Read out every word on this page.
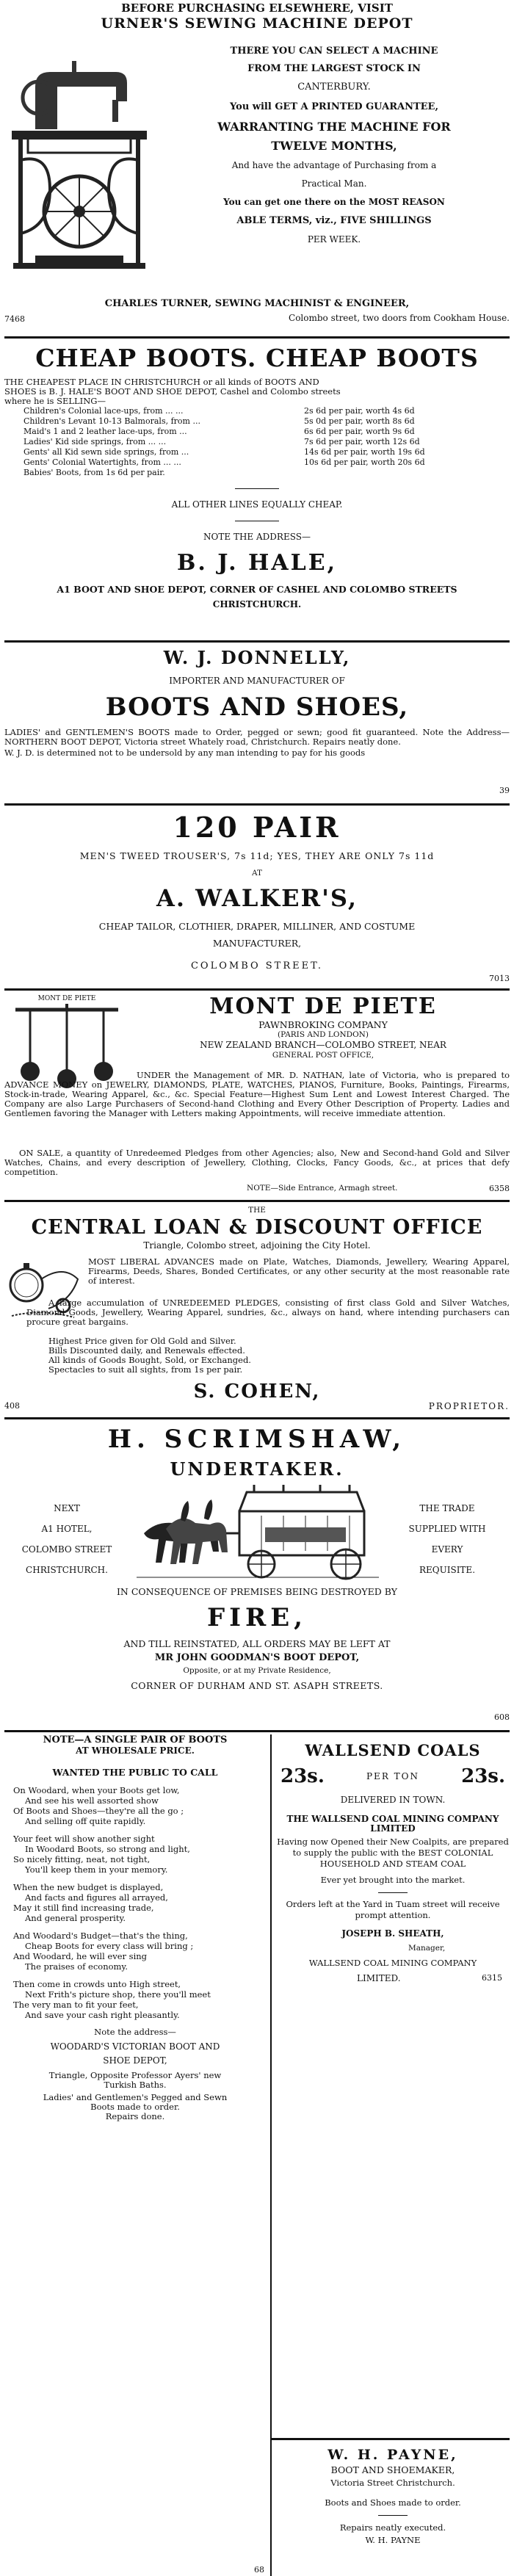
BEFORE PURCHASING ELSEWHERE, VISIT
URNER'S SEWING MACHINE DEPOT
THERE YOU CAN SELECT A MACHINE
FROM THE LARGEST STOCK IN
CANTERBURY.
You will GET A PRINTED GUARANTEE,
WARRANTING THE MACHINE FOR
TWELVE MONTHS,
And have the advantage of Purchasing from a
Practical Man.
You can get one there on the MOST REASON
ABLE TERMS, viz., FIVE SHILLINGS
PER WEEK.
CHARLES TURNER, SEWING MACHINIST & ENGINEER,
7468	Colombo street, two doors from Cookham House.
CHEAP BOOTS. CHEAP BOOTS
THE CHEAPEST PLACE IN CHRISTCHURCH or all kinds of BOOTS AND
SHOES is B. J. HALE'S BOOT AND SHOE DEPOT, Cashel and Colombo streets
where he is SELLING—
Children's Colonial lace-ups, from ... ...	2s 6d per pair, worth 4s 6d
Children's Levant 10-13 Balmorals, from ...	5s 0d per pair, worth 8s 6d
Maid's 1 and 2 leather lace-ups, from ...	6s 6d per pair, worth 9s 6d
Ladies' Kid side springs, from ... ...	7s 6d per pair, worth 12s 6d
Gents' all Kid sewn side springs, from ...	14s 6d per pair, worth 19s 6d
Gents' Colonial Watertights, from ... ...	10s 6d per pair, worth 20s 6d
Babies' Boots, from 1s 6d per pair.
ALL OTHER LINES EQUALLY CHEAP.
NOTE THE ADDRESS—
B. J. HALE,
A1 BOOT AND SHOE DEPOT, CORNER OF CASHEL AND COLOMBO STREETS
CHRISTCHURCH.
W. J. DONNELLY,
IMPORTER AND MANUFACTURER OF
BOOTS AND SHOES,
LADIES' and GENTLEMEN'S BOOTS made to Order, pegged or sewn; good fit guaranteed. Note the Address—NORTHERN BOOT DEPOT, Victoria street Whately road, Christchurch. Repairs neatly done.
W. J. D. is determined not to be undersold by any man intending to pay for his goods
39
120 PAIR
MEN'S TWEED TROUSER'S, 7s 11d; YES, THEY ARE ONLY 7s 11d
AT
A. WALKER'S,
CHEAP TAILOR, CLOTHIER, DRAPER, MILLINER, AND COSTUME
MANUFACTURER,
COLOMBO STREET.
7013
MONT DE PIETE	MONT DE PIETE
PAWNBROKING COMPANY
(PARIS AND LONDON)
NEW ZEALAND BRANCH—COLOMBO STREET, NEAR
GENERAL POST OFFICE,
UNDER the Management of MR. D. NATHAN, late of Victoria, who is prepared to ADVANCE MONEY on JEWELRY, DIAMONDS, PLATE, WATCHES, PIANOS, Furniture, Books, Paintings, Firearms, Stock-in-trade, Wearing Apparel, &c., &c. Special Feature—Highest Sum Lent and Lowest Interest Charged. The Company are also Large Purchasers of Second-hand Clothing and Every Other Description of Property. Ladies and Gentlemen favoring the Manager with Letters making Appointments, will receive immediate attention.
ON SALE, a quantity of Unredeemed Pledges from other Agencies; also, New and Second-hand Gold and Silver Watches, Chains, and every description of Jewellery, Clothing, Clocks, Fancy Goods, &c., at prices that defy competition.
NOTE—Side Entrance, Armagh street.	6358
THE
CENTRAL LOAN & DISCOUNT OFFICE
Triangle, Colombo street, adjoining the City Hotel.
MOST LIBERAL ADVANCES made on Plate, Watches, Diamonds, Jewellery, Wearing Apparel, Firearms, Deeds, Shares, Bonded Certificates, or any other security at the most reasonable rate of interest.
A large accumulation of UNREDEEMED PLEDGES, consisting of first class Gold and Silver Watches, Diamond Goods, Jewellery, Wearing Apparel, sundries, &c., always on hand, where intending purchasers can procure great bargains.
Highest Price given for Old Gold and Silver.
Bills Discounted daily, and Renewals effected.
All kinds of Goods Bought, Sold, or Exchanged.
Spectacles to suit all sights, from 1s per pair.
S. COHEN,
408	PROPRIETOR.
H. SCRIMSHAW,
UNDERTAKER.
NEXT
A1 HOTEL,
COLOMBO STREET
CHRISTCHURCH.
THE TRADE
SUPPLIED WITH
EVERY
REQUISITE.
IN CONSEQUENCE OF PREMISES BEING DESTROYED BY
FIRE,
AND TILL REINSTATED, ALL ORDERS MAY BE LEFT AT
MR JOHN GOODMAN'S BOOT DEPOT,
Opposite, or at my Private Residence,
CORNER OF DURHAM AND ST. ASAPH STREETS.
608
NOTE—A SINGLE PAIR OF BOOTS
AT WHOLESALE PRICE.
WANTED THE PUBLIC TO CALL
On Woodard, when your Boots get low,
And see his well assorted show
Of Boots and Shoes—they're all the go ;
And selling off quite rapidly.
Your feet will show another sight
In Woodard Boots, so strong and light,
So nicely fitting, neat, not tight,
You'll keep them in your memory.
When the new budget is displayed,
And facts and figures all arrayed,
May it still find increasing trade,
And general prosperity.
And Woodard's Budget—that's the thing,
Cheap Boots for every class will bring ;
And Woodard, he will ever sing
The praises of economy.
Then come in crowds unto High street,
Next Frith's picture shop, there you'll meet
The very man to fit your feet,
And save your cash right pleasantly.
Note the address—
WOODARD'S VICTORIAN BOOT AND
SHOE DEPOT,
Triangle, Opposite Professor Ayers' new
Turkish Baths.
Ladies' and Gentlemen's Pegged and Sewn
Boots made to order.
Repairs done.
68
WALLSEND COALS
23s.	PER TON 23s.
DELIVERED IN TOWN.
THE WALLSEND COAL MINING COMPANY LIMITED
Having now Opened their New Coalpits, are prepared to supply the public with the BEST COLONIAL HOUSEHOLD AND STEAM COAL
Ever yet brought into the market.
Orders left at the Yard in Tuam street will receive prompt attention.
JOSEPH B. SHEATH,
Manager,
WALLSEND COAL MINING COMPANY
LIMITED.	6315
W. H. PAYNE,
BOOT AND SHOEMAKER,
Victoria Street Christchurch.
Boots and Shoes made to order.
Repairs neatly executed.
W. H. PAYNE
